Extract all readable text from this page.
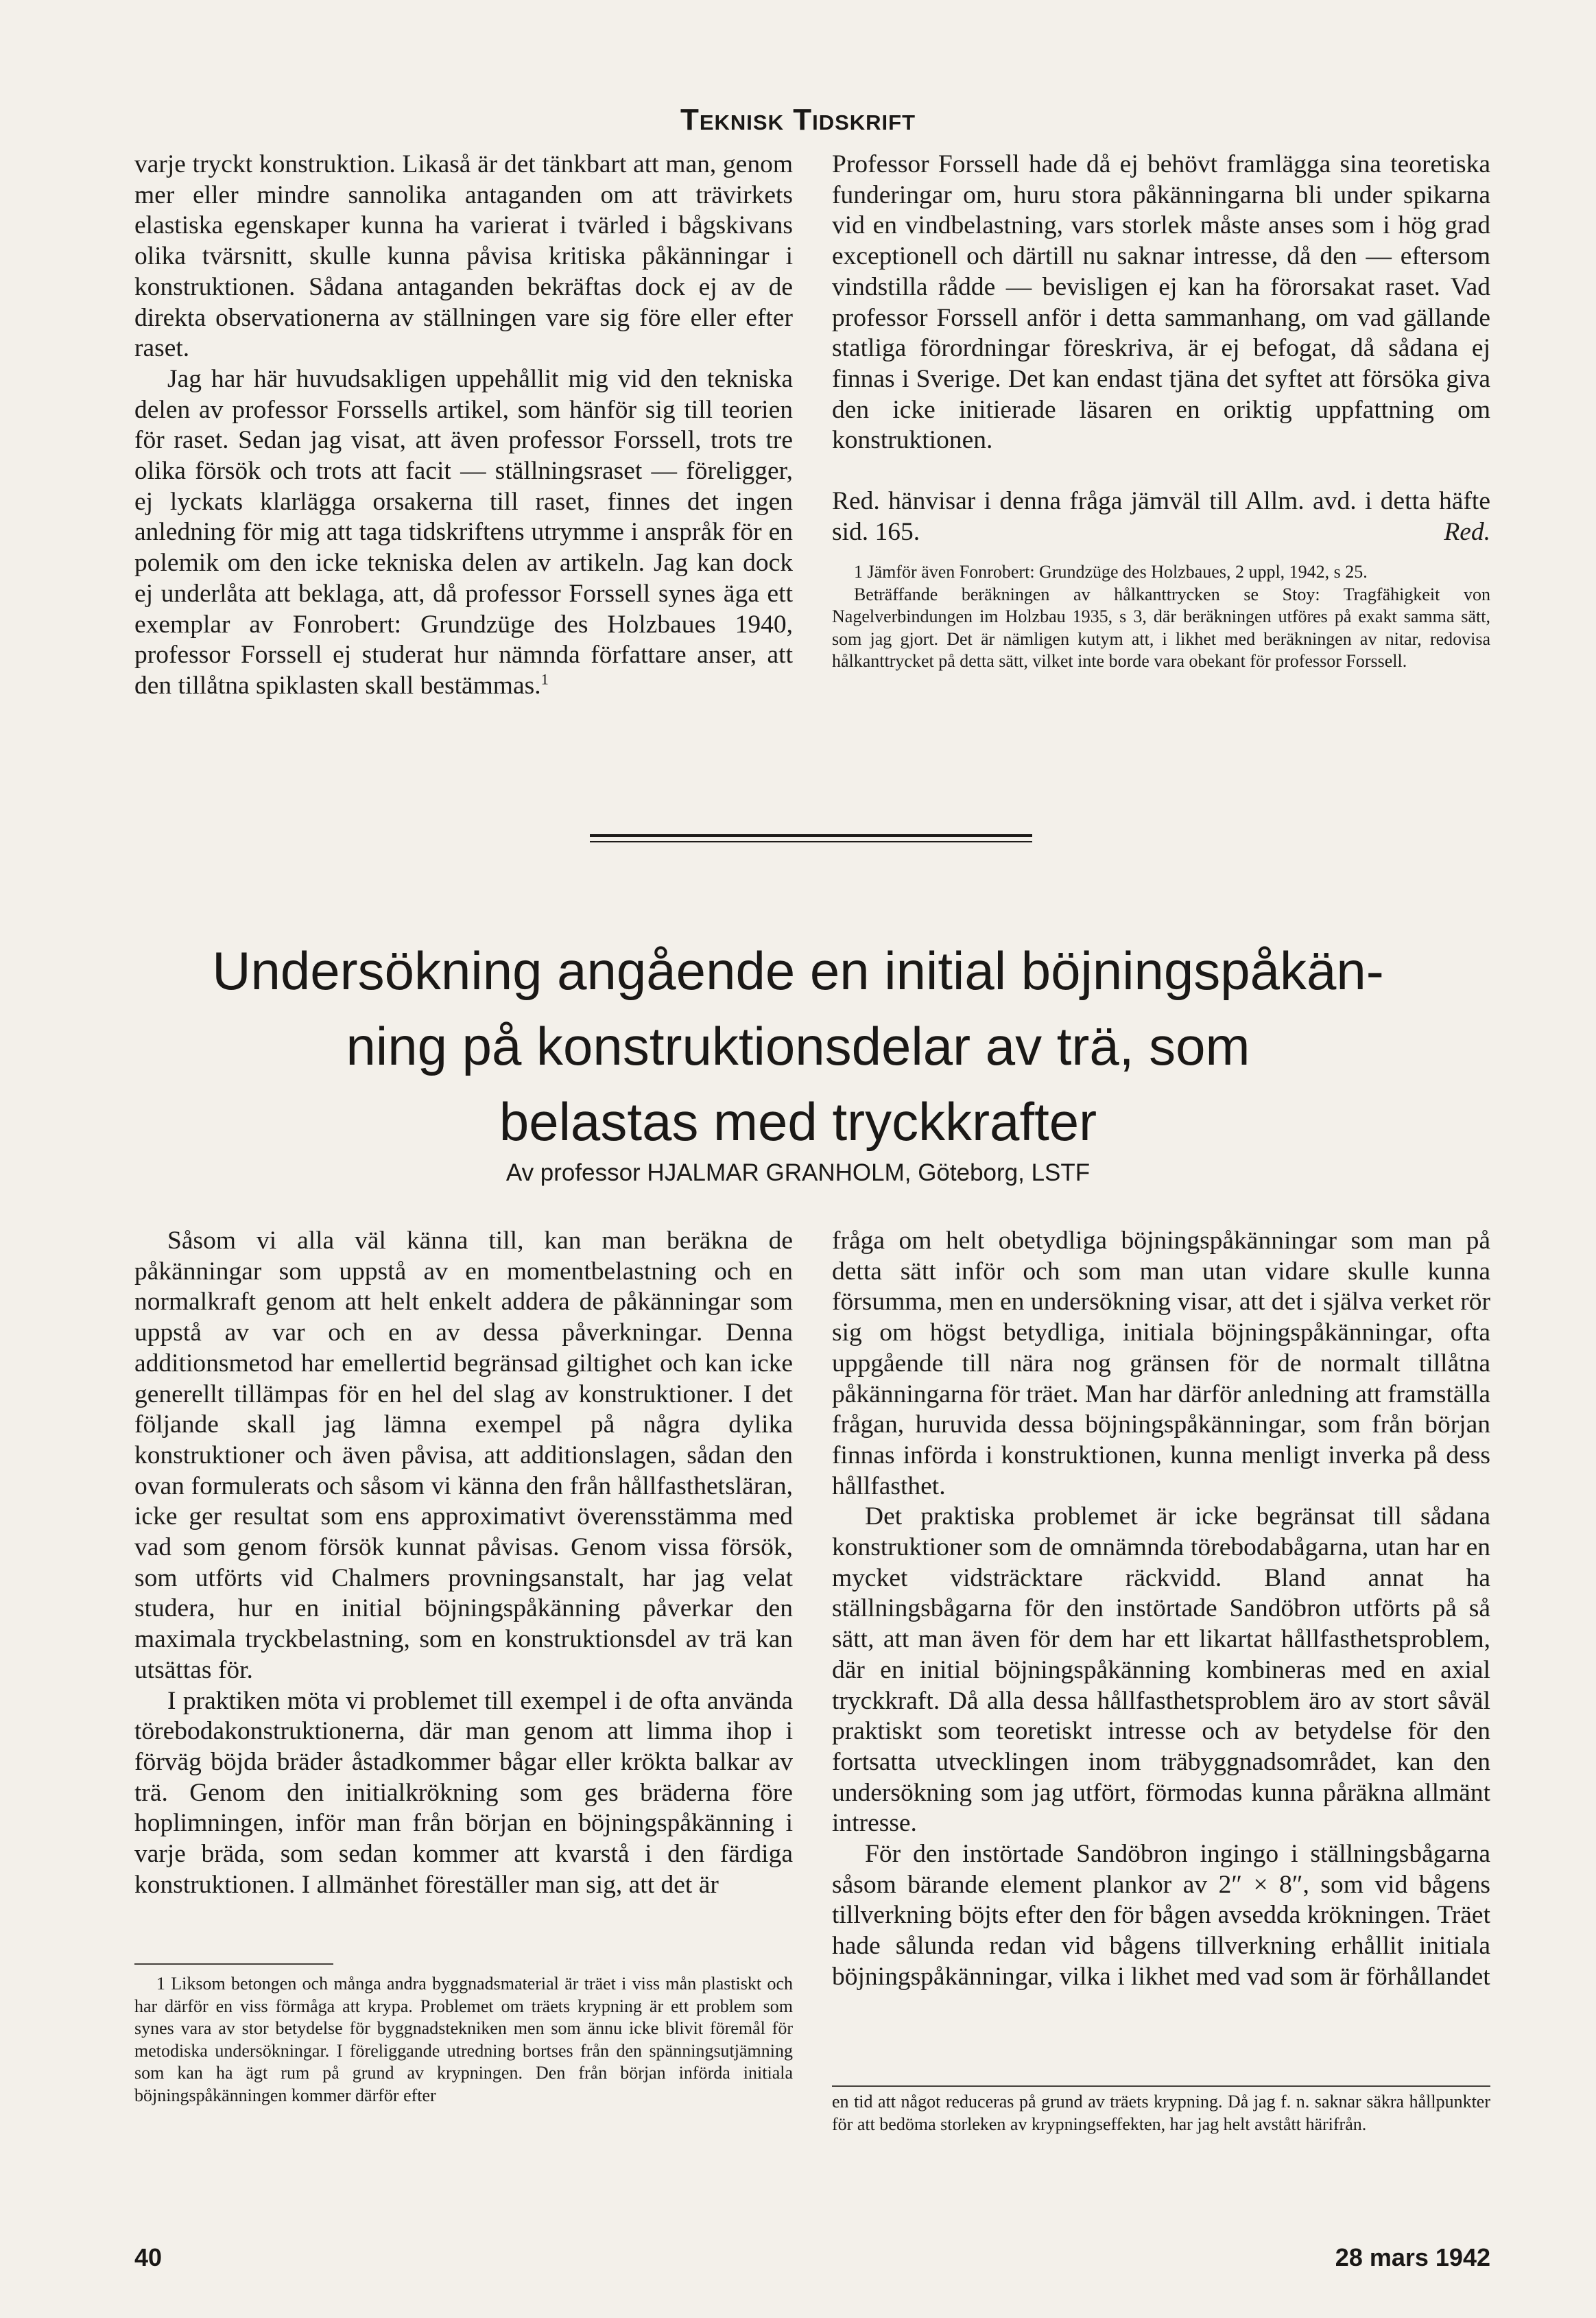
Teknisk Tidskrift

varje tryckt konstruktion. Likaså är det tänkbart att man, genom mer eller mindre sannolika antaganden om att trävirkets elastiska egenskaper kunna ha varierat i tvärled i bågskivans olika tvärsnitt, skulle kunna påvisa kritiska påkänningar i konstruktionen. Sådana antaganden bekräftas dock ej av de direkta observationerna av ställningen vare sig före eller efter raset.

Jag har här huvudsakligen uppehållit mig vid den tekniska delen av professor Forssells artikel, som hänför sig till teorien för raset. Sedan jag visat, att även professor Forssell, trots tre olika försök och trots att facit — ställningsraset — föreligger, ej lyckats klarlägga orsakerna till raset, finnes det ingen anledning för mig att taga tidskriftens utrymme i anspråk för en polemik om den icke tekniska delen av artikeln. Jag kan dock ej underlåta att beklaga, att, då professor Forssell synes äga ett exemplar av Fonrobert: Grundzüge des Holzbaues 1940, professor Forssell ej studerat hur nämnda författare anser, att den tillåtna spiklasten skall bestämmas.$^1$

Professor Forssell hade då ej behövt framlägga sina teoretiska funderingar om, huru stora påkänningarna bli under spikarna vid en vindbelastning, vars storlek måste anses som i hög grad exceptionell och därtill nu saknar intresse, då den — eftersom vindstilla rådde — bevisligen ej kan ha förorsakat raset. Vad professor Forssell anför i detta sammanhang, om vad gällande statliga förordningar föreskriva, är ej befogat, då sådana ej finnas i Sverige. Det kan endast tjäna det syftet att försöka giva den icke initierade läsaren en oriktig uppfattning om konstruktionen.

Red. hänvisar i denna fråga jämväl till Allm. avd. i detta häfte sid. 165.	Red.

1 Jämför även Fonrobert: Grundzüge des Holzbaues, 2 uppl, 1942, s 25.

Beträffande beräkningen av hålkanttrycken se Stoy: Tragfähigkeit von Nagelverbindungen im Holzbau 1935, s 3, där beräkningen utföres på exakt samma sätt, som jag gjort. Det är nämligen kutym att, i likhet med beräkningen av nitar, redovisa hålkanttrycket på detta sätt, vilket inte borde vara obekant för professor Forssell.

Undersökning angående en initial böjningspåkän-
ning på konstruktionsdelar av trä, som
belastas med tryckkrafter
Av professor HJALMAR GRANHOLM, Göteborg, LSTF

Såsom vi alla väl känna till, kan man beräkna de påkänningar som uppstå av en momentbelastning och en normalkraft genom att helt enkelt addera de påkänningar som uppstå av var och en av dessa påverkningar. Denna additionsmetod har emellertid begränsad giltighet och kan icke generellt tillämpas för en hel del slag av konstruktioner. I det följande skall jag lämna exempel på några dylika konstruktioner och även påvisa, att additionslagen, sådan den ovan formulerats och såsom vi känna den från hållfasthetsläran, icke ger resultat som ens approximativt överensstämma med vad som genom försök kunnat påvisas. Genom vissa försök, som utförts vid Chalmers provningsanstalt, har jag velat studera, hur en initial böjningspåkänning påverkar den maximala tryckbelastning, som en konstruktionsdel av trä kan utsättas för.

I praktiken möta vi problemet till exempel i de ofta använda törebodakonstruktionerna, där man genom att limma ihop i förväg böjda bräder åstadkommer bågar eller krökta balkar av trä. Genom den initialkrökning som ges bräderna före hoplimningen, inför man från början en böjningspåkänning i varje bräda, som sedan kommer att kvarstå i den färdiga konstruktionen. I allmänhet föreställer man sig, att det är

1 Liksom betongen och många andra byggnadsmaterial är träet i viss mån plastiskt och har därför en viss förmåga att krypa. Problemet om träets krypning är ett problem som synes vara av stor betydelse för byggnadstekniken men som ännu icke blivit föremål för metodiska undersökningar. I föreliggande utredning bortses från den spänningsutjämning som kan ha ägt rum på grund av krypningen. Den från början införda initiala böjningspåkänningen kommer därför efter

fråga om helt obetydliga böjningspåkänningar som man på detta sätt inför och som man utan vidare skulle kunna försumma, men en undersökning visar, att det i själva verket rör sig om högst betydliga, initiala böjningspåkänningar, ofta uppgående till nära nog gränsen för de normalt tillåtna påkänningarna för träet. Man har därför anledning att framställa frågan, huruvida dessa böjningspåkänningar, som från början finnas införda i konstruktionen, kunna menligt inverka på dess hållfasthet.

Det praktiska problemet är icke begränsat till sådana konstruktioner som de omnämnda törebodabågarna, utan har en mycket vidsträcktare räckvidd. Bland annat ha ställningsbågarna för den instörtade Sandöbron utförts på så sätt, att man även för dem har ett likartat hållfasthetsproblem, där en initial böjningspåkänning kombineras med en axial tryckkraft. Då alla dessa hållfasthetsproblem äro av stort såväl praktiskt som teoretiskt intresse och av betydelse för den fortsatta utvecklingen inom träbyggnadsområdet, kan den undersökning som jag utfört, förmodas kunna påräkna allmänt intresse.

För den instörtade Sandöbron ingingo i ställningsbågarna såsom bärande element plankor av 2″ × 8″, som vid bågens tillverkning böjts efter den för bågen avsedda krökningen. Träet hade sålunda redan vid bågens tillverkning erhållit initiala böjningspåkänningar, vilka i likhet med vad som är förhållandet

en tid att något reduceras på grund av träets krypning. Då jag f. n. saknar säkra hållpunkter för att bedöma storleken av krypningseffekten, har jag helt avstått härifrån.

40	28 mars 1942
